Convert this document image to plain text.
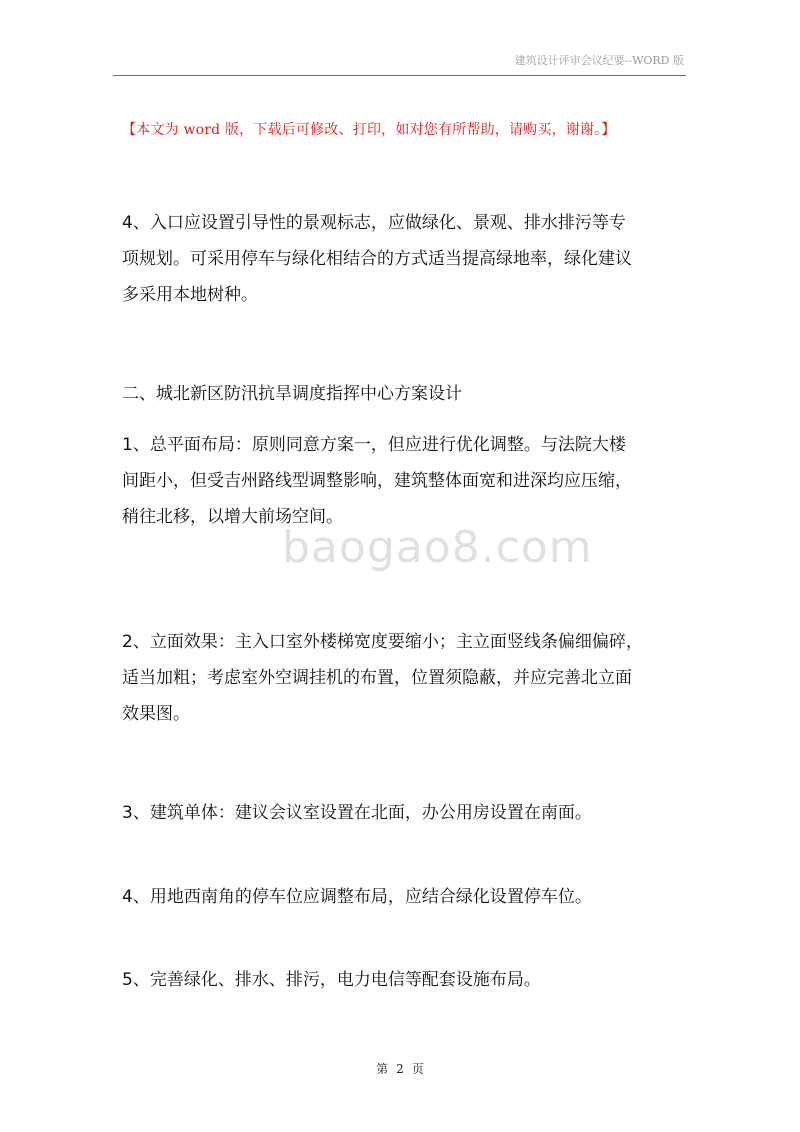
建筑设计评审会议纪要--WORD 版
【本文为 word 版，下载后可修改、打印，如对您有所帮助，请购买，谢谢。】
4、入口应设置引导性的景观标志，应做绿化、景观、排水排污等专
项规划。可采用停车与绿化相结合的方式适当提高绿地率，绿化建议
多采用本地树种。
二、城北新区防汛抗旱调度指挥中心方案设计
1、总平面布局：原则同意方案一，但应进行优化调整。与法院大楼
间距小，但受吉州路线型调整影响，建筑整体面宽和进深均应压缩，
稍往北移，以增大前场空间。
2、立面效果：主入口室外楼梯宽度要缩小；主立面竖线条偏细偏碎，
适当加粗；考虑室外空调挂机的布置，位置须隐蔽，并应完善北立面
效果图。
3、建筑单体：建议会议室设置在北面，办公用房设置在南面。
4、用地西南角的停车位应调整布局，应结合绿化设置停车位。
5、完善绿化、排水、排污，电力电信等配套设施布局。
baogao8.com
第 2 页
